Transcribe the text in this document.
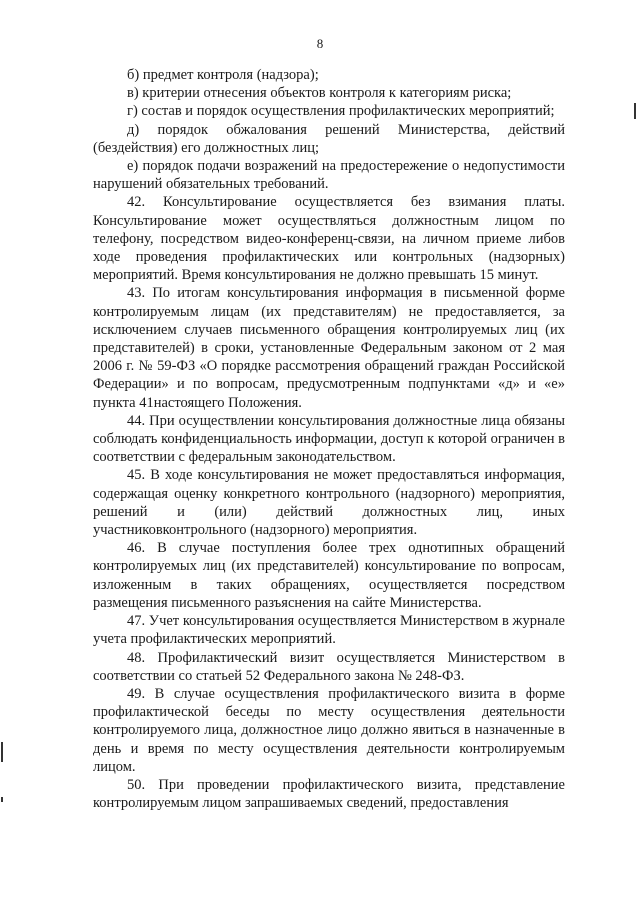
8

б) предмет контроля (надзора);

в) критерии отнесения объектов контроля к категориям риска;

г) состав и порядок осуществления профилактических мероприятий;

д) порядок обжалования решений Министерства, действий (бездействия) его должностных лиц;

е) порядок подачи возражений на предостережение о недопустимости нарушений обязательных требований.

42. Консультирование осуществляется без взимания платы. Консультирование может осуществляться должностным лицом по телефону, посредством видео-конференц-связи, на личном приеме либов ходе проведения профилактических или контрольных (надзорных) мероприятий. Время консультирования не должно превышать 15 минут.

43. По итогам консультирования информация в письменной форме контролируемым лицам (их представителям) не предоставляется, за исключением случаев письменного обращения контролируемых лиц (их представителей) в сроки, установленные Федеральным законом от 2 мая 2006 г. № 59-ФЗ «О порядке рассмотрения обращений граждан Российской Федерации» и по вопросам, предусмотренным подпунктами «д» и «е» пункта 41настоящего Положения.

44. При осуществлении консультирования должностные лица обязаны соблюдать конфиденциальность информации, доступ к которой ограничен в соответствии с федеральным законодательством.

45. В ходе консультирования не может предоставляться информация, содержащая оценку конкретного контрольного (надзорного) мероприятия, решений и (или) действий должностных лиц, иных участниковконтрольного (надзорного) мероприятия.

46. В случае поступления более трех однотипных обращений контролируемых лиц (их представителей) консультирование по вопросам, изложенным в таких обращениях, осуществляется посредством размещения письменного разъяснения на сайте Министерства.

47. Учет консультирования осуществляется Министерством в журнале учета профилактических мероприятий.

48. Профилактический визит осуществляется Министерством в соответствии со статьей 52 Федерального закона № 248-ФЗ.

49. В случае осуществления профилактического визита в форме профилактической беседы по месту осуществления деятельности контролируемого лица, должностное лицо должно явиться в назначенные в день и время по месту осуществления деятельности контролируемым лицом.

50. При проведении профилактического визита, представление контролируемым лицом запрашиваемых сведений, предоставления
